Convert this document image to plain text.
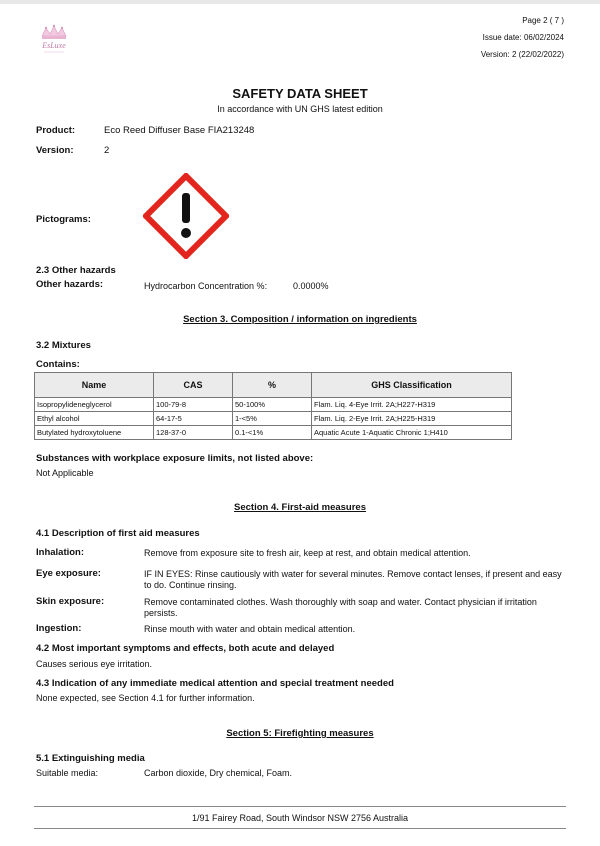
EsLuxe
Page 2 ( 7 )
Issue date: 06/02/2024
Version: 2 (22/02/2022)
SAFETY DATA SHEET
In accordance with UN GHS latest edition
Product:	Eco Reed Diffuser Base FIA213248
Version:	2
Pictograms:
2.3 Other hazards
Other hazards:	Hydrocarbon Concentration %:	0.0000%
Section 3. Composition / information on ingredients
3.2 Mixtures
Contains:
Name	CAS	%	GHS Classification
Isopropylideneglycerol	100-79-8	50-100%	Flam. Liq. 4-Eye Irrit. 2A;H227-H319
Ethyl alcohol	64-17-5	1-<5%	Flam. Liq. 2-Eye Irrit. 2A;H225-H319
Butylated hydroxytoluene	128-37-0	0.1-<1%	Aquatic Acute 1-Aquatic Chronic 1;H410
Substances with workplace exposure limits, not listed above:
Not Applicable
Section 4. First-aid measures
4.1 Description of first aid measures
Inhalation:	Remove from exposure site to fresh air, keep at rest, and obtain medical attention.
Eye exposure:	IF IN EYES: Rinse cautiously with water for several minutes. Remove contact lenses, if present and easy to do. Continue rinsing.
Skin exposure:	Remove contaminated clothes. Wash thoroughly with soap and water. Contact physician if irritation persists.
Ingestion:	Rinse mouth with water and obtain medical attention.
4.2 Most important symptoms and effects, both acute and delayed
Causes serious eye irritation.
4.3 Indication of any immediate medical attention and special treatment needed
None expected, see Section 4.1 for further information.
Section 5: Firefighting measures
5.1 Extinguishing media
Suitable media:	Carbon dioxide, Dry chemical, Foam.
1/91 Fairey Road, South Windsor NSW 2756 Australia
